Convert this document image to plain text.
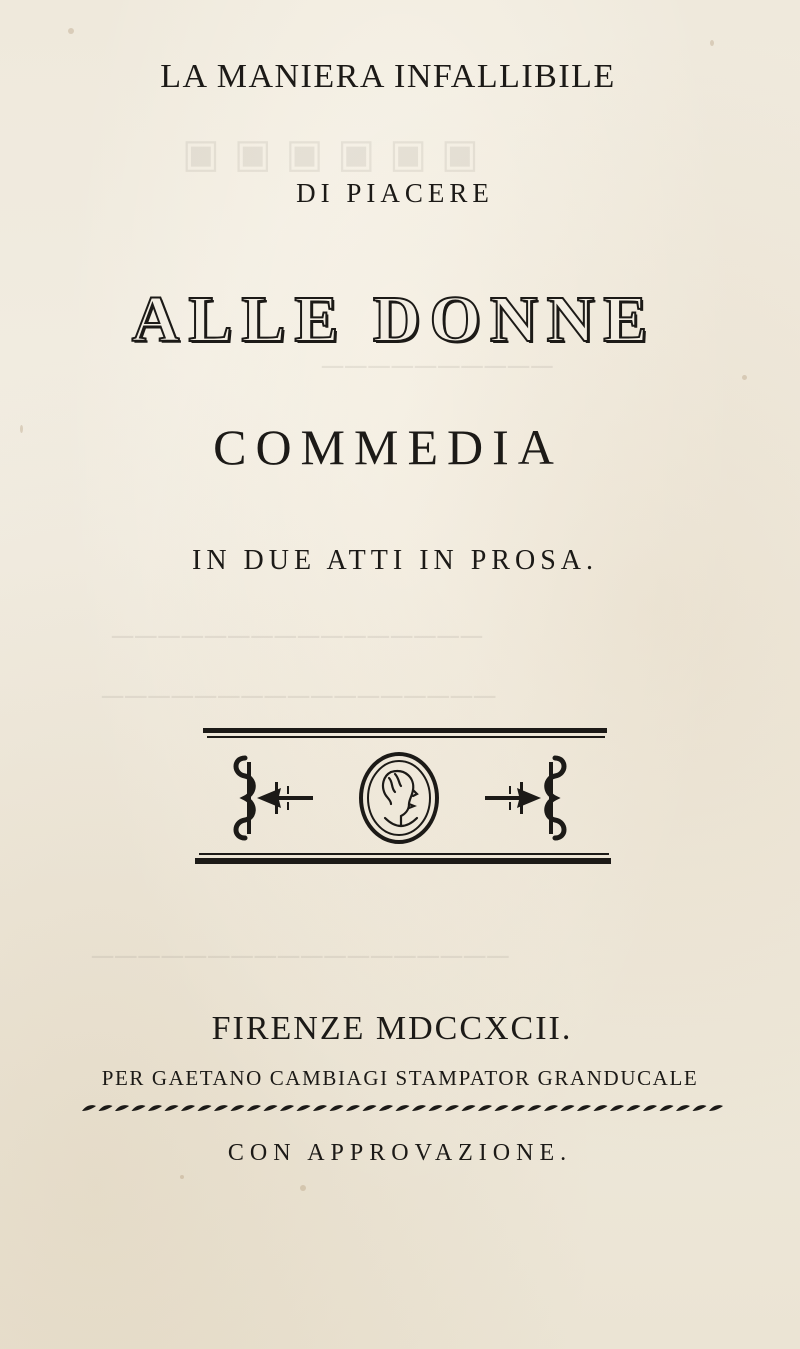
▣ ▣ ▣ ▣ ▣ ▣
──────────
────────────────
─────────────────
──────────────────
LA MANIERA INFALLIBILE
DI PIACERE
ALLE DONNE
COMMEDIA
IN DUE ATTI IN PROSA.
FIRENZE MDCCXCII.
PER GAETANO CAMBIAGI STAMPATOR GRANDUCALE
CON APPROVAZIONE.
